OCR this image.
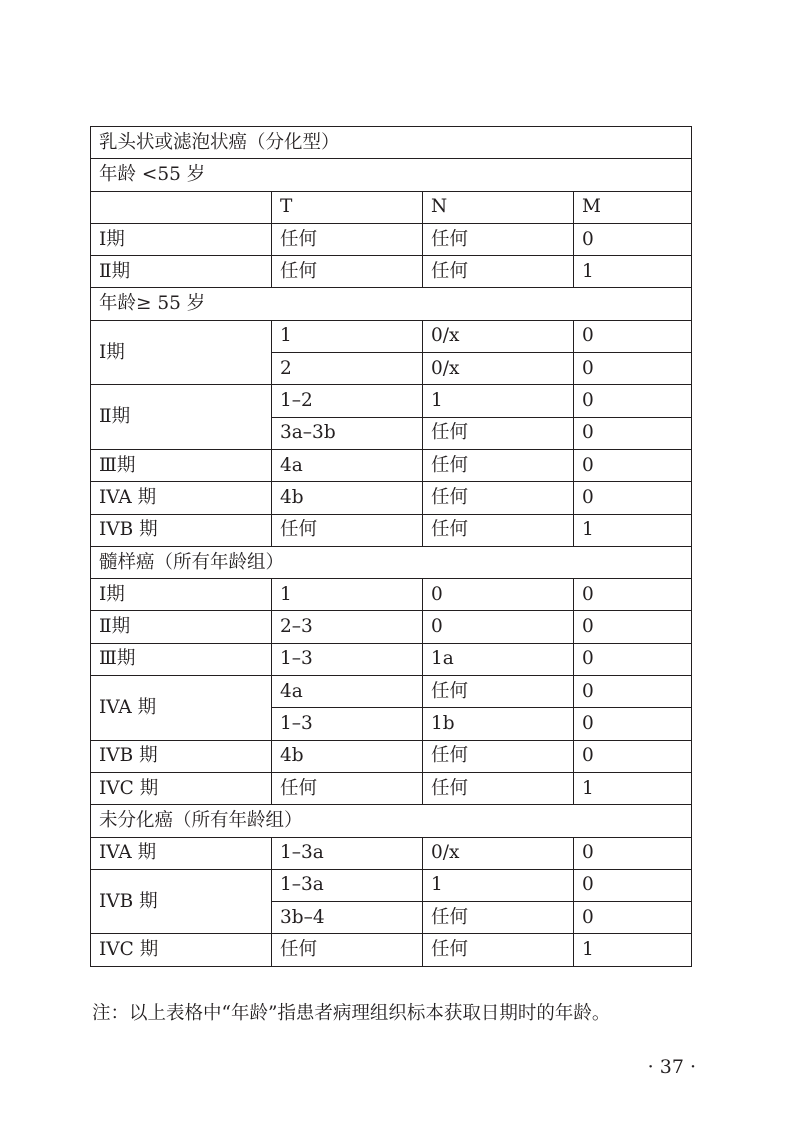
乳头状或滤泡状癌（分化型）			
年龄 <55 岁			
	T	N	M
Ⅰ期	任何	任何	0
Ⅱ期	任何	任何	1
年龄≥ 55 岁			
Ⅰ期	1	0/x	0
	2	0/x	0
Ⅱ期	1–2	1	0
	3a–3b	任何	0
Ⅲ期	4a	任何	0
IVA 期	4b	任何	0
IVB 期	任何	任何	1
髓样癌（所有年龄组）			
Ⅰ期	1	0	0
Ⅱ期	2–3	0	0
Ⅲ期	1–3	1a	0
IVA 期	4a	任何	0
	1–3	1b	0
IVB 期	4b	任何	0
IVC 期	任何	任何	1
未分化癌（所有年龄组）			
IVA 期	1–3a	0/x	0
IVB 期	1–3a	1	0
	3b–4	任何	0
IVC 期	任何	任何	1
注：以上表格中“年龄”指患者病理组织标本获取日期时的年龄。
· 37 ·
